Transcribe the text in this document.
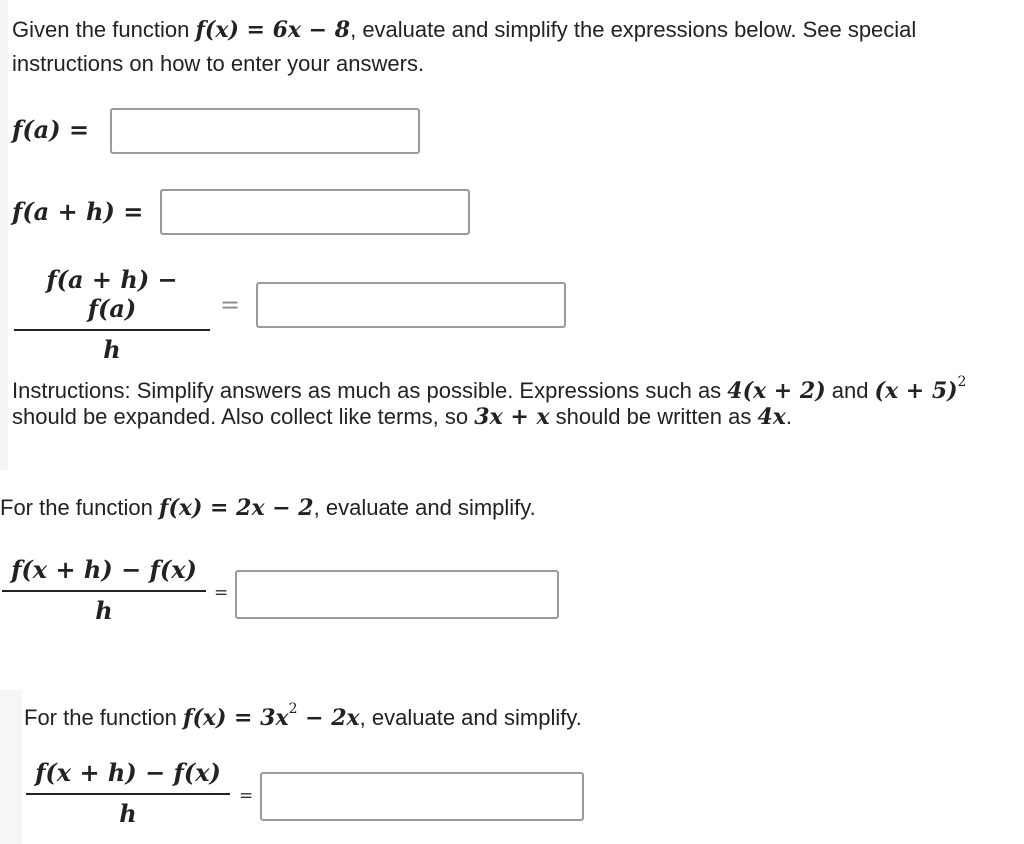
Given the function f(x) = 6x − 8, evaluate and simplify the expressions below. See special
instructions on how to enter your answers.
f(a) =
f(a + h) =
f(a + h) − f(a)
h
=
Instructions: Simplify answers as much as possible. Expressions such as 4(x + 2) and $(x + 5)^2$
should be expanded. Also collect like terms, so 3x + x should be written as 4x.
For the function f(x) = 2x − 2, evaluate and simplify.
f(x + h) − f(x)
h
=
For the function $f(x) = 3x^2 - 2x$, evaluate and simplify.
f(x + h) − f(x)
h
=
